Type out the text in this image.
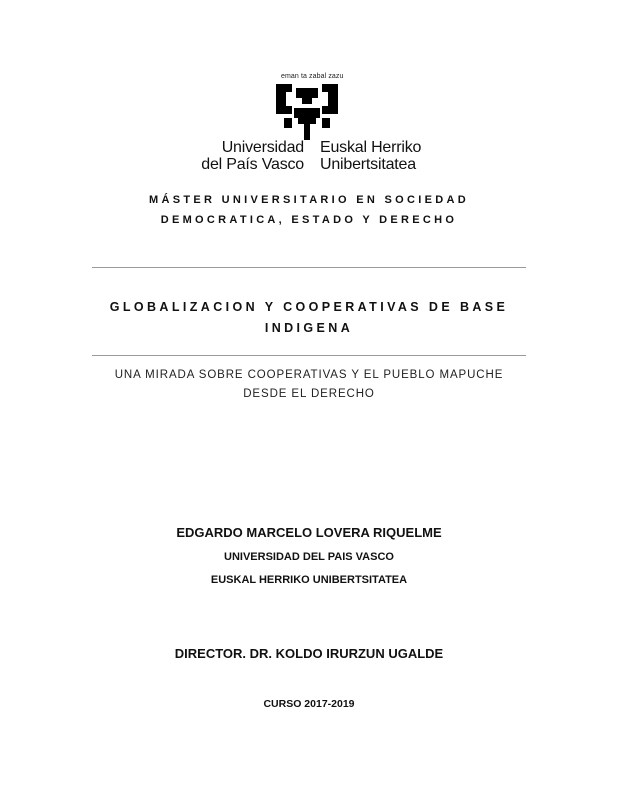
eman ta zabal zazu
Universidad
del País Vasco
Euskal Herriko
Unibertsitatea
MÁSTER UNIVERSITARIO EN SOCIEDAD
DEMOCRATICA, ESTADO Y DERECHO
GLOBALIZACION Y COOPERATIVAS DE BASE
INDIGENA
UNA MIRADA SOBRE COOPERATIVAS Y EL PUEBLO MAPUCHE
DESDE EL DERECHO
EDGARDO MARCELO LOVERA RIQUELME
UNIVERSIDAD DEL PAIS VASCO
EUSKAL HERRIKO UNIBERTSITATEA
DIRECTOR. DR. KOLDO IRURZUN UGALDE
CURSO 2017-2019
